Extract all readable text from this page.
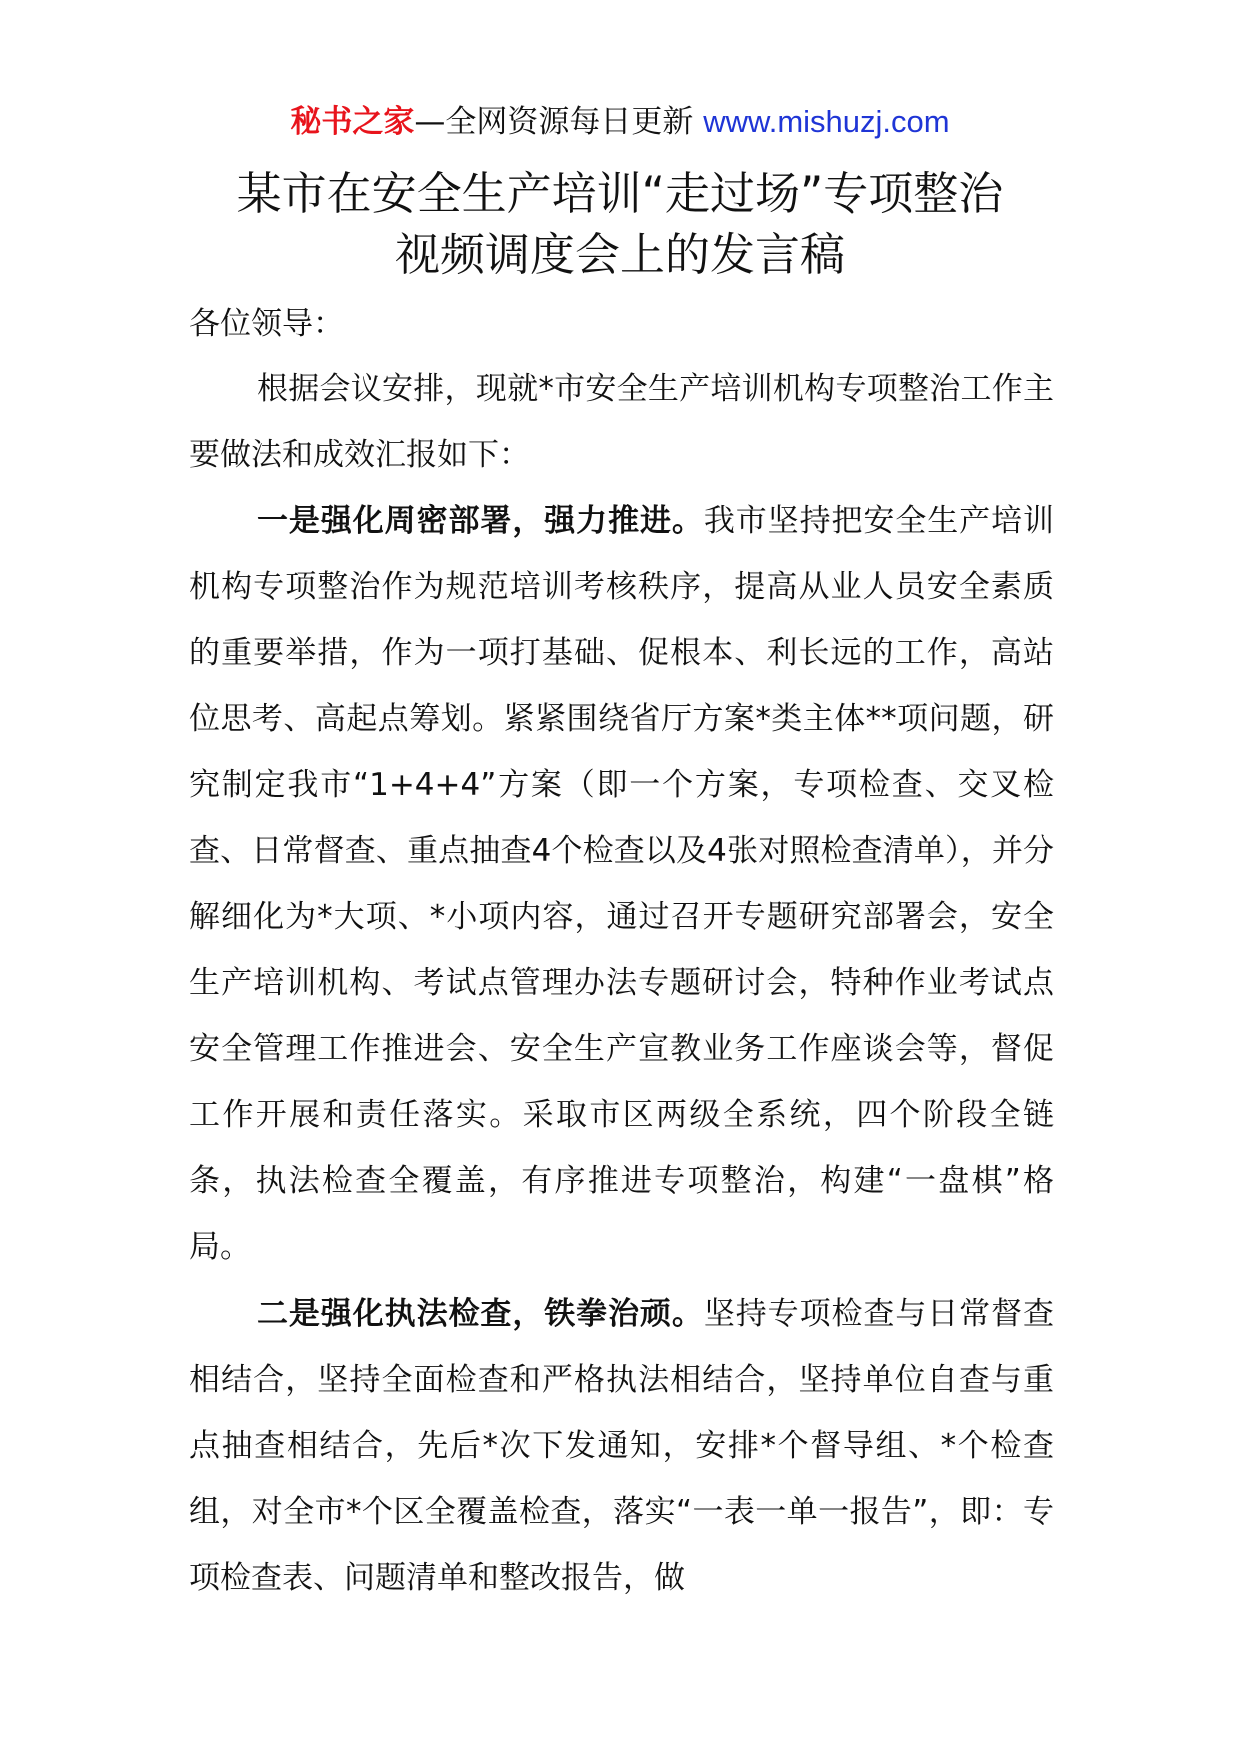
秘书之家—全网资源每日更新 www.mishuzj.com
某市在安全生产培训“走过场”专项整治
视频调度会上的发言稿
各位领导：

根据会议安排，现就*市安全生产培训机构专项整治工作主要做法和成效汇报如下：

一是强化周密部署，强力推进。我市坚持把安全生产培训机构专项整治作为规范培训考核秩序，提高从业人员安全素质的重要举措，作为一项打基础、促根本、利长远的工作，高站位思考、高起点筹划。紧紧围绕省厅方案*类主体**项问题，研究制定我市“1+4+4”方案（即一个方案，专项检查、交叉检查、日常督查、重点抽查4个检查以及4张对照检查清单），并分解细化为*大项、*小项内容，通过召开专题研究部署会，安全生产培训机构、考试点管理办法专题研讨会，特种作业考试点安全管理工作推进会、安全生产宣教业务工作座谈会等，督促工作开展和责任落实。采取市区两级全系统，四个阶段全链条，执法检查全覆盖，有序推进专项整治，构建“一盘棋”格局。

二是强化执法检查，铁拳治顽。坚持专项检查与日常督查相结合，坚持全面检查和严格执法相结合，坚持单位自查与重点抽查相结合，先后*次下发通知，安排*个督导组、*个检查组，对全市*个区全覆盖检查，落实“一表一单一报告”，即：专项检查表、问题清单和整改报告，做
